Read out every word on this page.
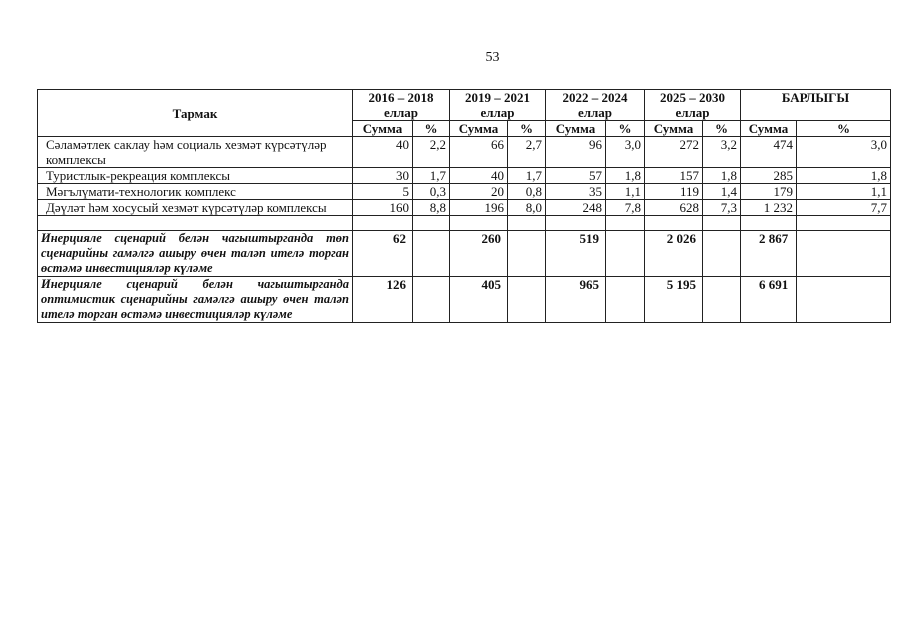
53
Тармак	2016 – 2018
еллар		2019 – 2021
еллар		2022 – 2024
еллар		2025 – 2030
еллар		БАРЛЫГЫ	
	Сумма	%	Сумма	%	Сумма	%	Сумма	%	Сумма	%
Сәламәтлек саклау һәм социаль хезмәт күрсәтүләр комплексы	40	2,2	66	2,7	96	3,0	272	3,2	474	3,0
Туристлык-рекреация комплексы	30	1,7	40	1,7	57	1,8	157	1,8	285	1,8
Мәгълүмати-технологик комплекс	5	0,3	20	0,8	35	1,1	119	1,4	179	1,1
Дәүләт һәм хосусый хезмәт күрсәтүләр комплексы	160	8,8	196	8,0	248	7,8	628	7,3	1 232	7,7

Инерцияле сценарий белән чагыштырганда төп сценарийны гамәлгә ашыру өчен таләп ителә торган өстәмә инвестицияләр күләме	62		260		519		2 026		2 867	
Инерцияле сценарий белән чагыштырганда оптимистик сценарийны гамәлгә ашыру өчен таләп ителә торган өстәмә инвестицияләр күләме	126		405		965		5 195		6 691	
